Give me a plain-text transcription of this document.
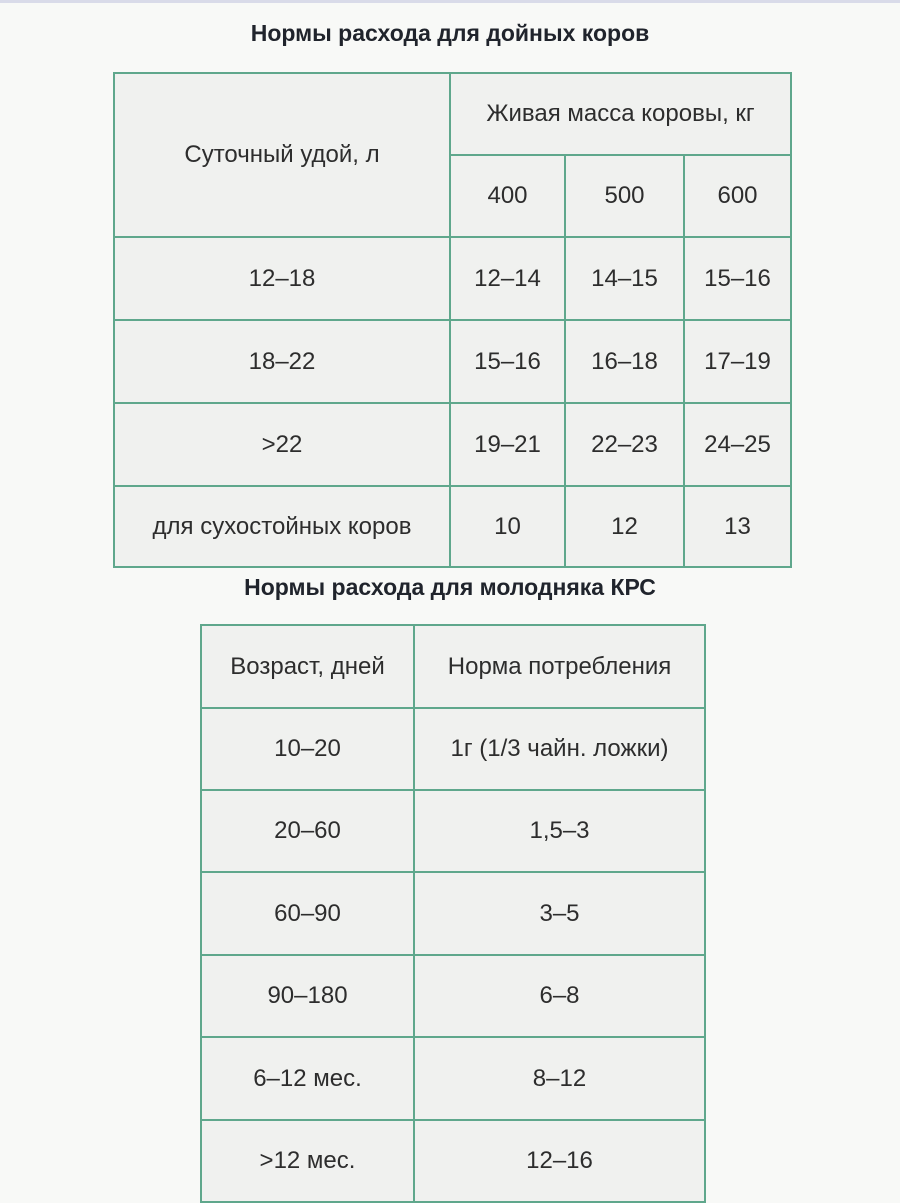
Нормы расхода для дойных коров
Суточный удой, л	Живая масса коровы, кг		
	400	500	600
12–18	12–14	14–15	15–16
18–22	15–16	16–18	17–19
>22	19–21	22–23	24–25
для сухостойных коров	10	12	13
Нормы расхода для молодняка КРС
Возраст, дней	Норма потребления
10–20	1г (1/3 чайн. ложки)
20–60	1,5–3
60–90	3–5
90–180	6–8
6–12 мес.	8–12
>12 мес.	12–16
